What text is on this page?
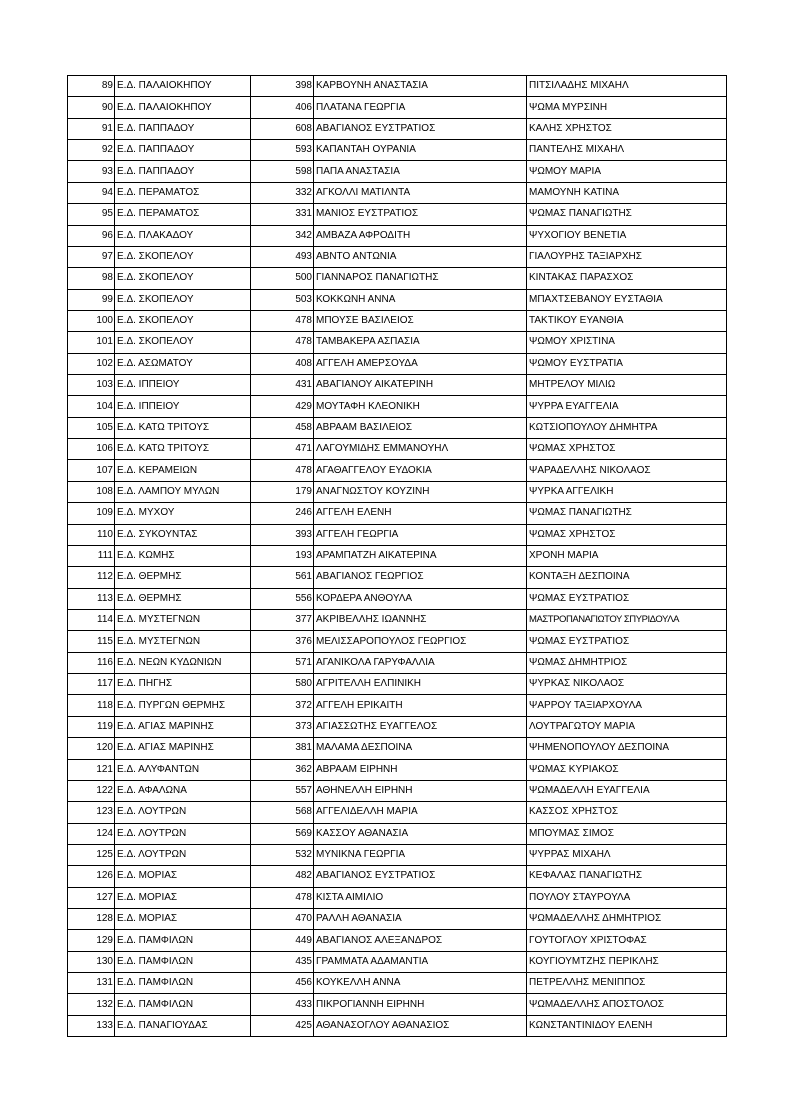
89	Ε.Δ. ΠΑΛΑΙΟΚΗΠΟΥ	398	ΚΑΡΒΟΥΝΗ ΑΝΑΣΤΑΣΙΑ	ΠΙΤΣΙΛΑΔΗΣ ΜΙΧΑΗΛ
90	Ε.Δ. ΠΑΛΑΙΟΚΗΠΟΥ	406	ΠΛΑΤΑΝΑ ΓΕΩΡΓΙΑ	ΨΩΜΑ ΜΥΡΣΙΝΗ
91	Ε.Δ. ΠΑΠΠΑΔΟΥ	608	ΑΒΑΓΙΑΝΟΣ ΕΥΣΤΡΑΤΙΟΣ	ΚΑΛΗΣ ΧΡΗΣΤΟΣ
92	Ε.Δ. ΠΑΠΠΑΔΟΥ	593	ΚΑΠΑΝΤΑΗ ΟΥΡΑΝΙΑ	ΠΑΝΤΕΛΗΣ ΜΙΧΑΗΛ
93	Ε.Δ. ΠΑΠΠΑΔΟΥ	598	ΠΑΠΑ ΑΝΑΣΤΑΣΙΑ	ΨΩΜΟΥ ΜΑΡΙΑ
94	Ε.Δ. ΠΕΡΑΜΑΤΟΣ	332	ΑΓΚΟΛΛΙ ΜΑΤΙΛΝΤΑ	ΜΑΜΟΥΝΗ ΚΑΤΙΝΑ
95	Ε.Δ. ΠΕΡΑΜΑΤΟΣ	331	ΜΑΝΙΟΣ ΕΥΣΤΡΑΤΙΟΣ	ΨΩΜΑΣ ΠΑΝΑΓΙΩΤΗΣ
96	Ε.Δ. ΠΛΑΚΑΔΟΥ	342	ΑΜΒΑΖΑ ΑΦΡΟΔΙΤΗ	ΨΥΧΟΓΙΟΥ ΒΕΝΕΤΙΑ
97	Ε.Δ. ΣΚΟΠΕΛΟΥ	493	ΑΒΝΤΟ ΑΝΤΩΝΙΑ	ΓΙΑΛΟΥΡΗΣ ΤΑΞΙΑΡΧΗΣ
98	Ε.Δ. ΣΚΟΠΕΛΟΥ	500	ΓΙΑΝΝΑΡΟΣ ΠΑΝΑΓΙΩΤΗΣ	ΚΙΝΤΑΚΑΣ ΠΑΡΑΣΧΟΣ
99	Ε.Δ. ΣΚΟΠΕΛΟΥ	503	ΚΟΚΚΩΝΗ ΑΝΝΑ	ΜΠΑΧΤΣΕΒΑΝΟΥ ΕΥΣΤΑΘΙΑ
100	Ε.Δ. ΣΚΟΠΕΛΟΥ	478	ΜΠΟΥΣΕ ΒΑΣΙΛΕΙΟΣ	ΤΑΚΤΙΚΟΥ ΕΥΑΝΘΙΑ
101	Ε.Δ. ΣΚΟΠΕΛΟΥ	478	ΤΑΜΒΑΚΕΡΑ ΑΣΠΑΣΙΑ	ΨΩΜΟΥ ΧΡΙΣΤΙΝΑ
102	Ε.Δ. ΑΣΩΜΑΤΟΥ	408	ΑΓΓΕΛΗ ΑΜΕΡΣΟΥΔΑ	ΨΩΜΟΥ ΕΥΣΤΡΑΤΙΑ
103	Ε.Δ. ΙΠΠΕΙΟΥ	431	ΑΒΑΓΙΑΝΟΥ ΑΙΚΑΤΕΡΙΝΗ	ΜΗΤΡΕΛΟΥ ΜΙΛΙΩ
104	Ε.Δ. ΙΠΠΕΙΟΥ	429	ΜΟΥΤΑΦΗ ΚΛΕΟΝΙΚΗ	ΨΥΡΡΑ ΕΥΑΓΓΕΛΙΑ
105	Ε.Δ. ΚΑΤΩ ΤΡΙΤΟΥΣ	458	ΑΒΡΑΑΜ ΒΑΣΙΛΕΙΟΣ	ΚΩΤΣΙΟΠΟΥΛΟΥ ΔΗΜΗΤΡΑ
106	Ε.Δ. ΚΑΤΩ ΤΡΙΤΟΥΣ	471	ΛΑΓΟΥΜΙΔΗΣ ΕΜΜΑΝΟΥΗΛ	ΨΩΜΑΣ ΧΡΗΣΤΟΣ
107	Ε.Δ. ΚΕΡΑΜΕΙΩΝ	478	ΑΓΑΘΑΓΓΕΛΟΥ ΕΥΔΟΚΙΑ	ΨΑΡΑΔΕΛΛΗΣ ΝΙΚΟΛΑΟΣ
108	Ε.Δ. ΛΑΜΠΟΥ ΜΥΛΩΝ	179	ΑΝΑΓΝΩΣΤΟΥ ΚΟΥΖΙΝΗ	ΨΥΡΚΑ ΑΓΓΕΛΙΚΗ
109	Ε.Δ. ΜΥΧΟΥ	246	ΑΓΓΕΛΗ ΕΛΕΝΗ	ΨΩΜΑΣ ΠΑΝΑΓΙΩΤΗΣ
110	Ε.Δ. ΣΥΚΟΥΝΤΑΣ	393	ΑΓΓΕΛΗ ΓΕΩΡΓΙΑ	ΨΩΜΑΣ ΧΡΗΣΤΟΣ
111	Ε.Δ. ΚΩΜΗΣ	193	ΑΡΑΜΠΑΤΖΗ ΑΙΚΑΤΕΡΙΝΑ	ΧΡΟΝΗ ΜΑΡΙΑ
112	Ε.Δ. ΘΕΡΜΗΣ	561	ΑΒΑΓΙΑΝΟΣ ΓΕΩΡΓΙΟΣ	ΚΟΝΤΑΞΗ ΔΕΣΠΟΙΝΑ
113	Ε.Δ. ΘΕΡΜΗΣ	556	ΚΟΡΔΕΡΑ ΑΝΘΟΥΛΑ	ΨΩΜΑΣ ΕΥΣΤΡΑΤΙΟΣ
114	Ε.Δ. ΜΥΣΤΕΓΝΩΝ	377	ΑΚΡΙΒΕΛΛΗΣ ΙΩΑΝΝΗΣ	ΜΑΣΤΡΟΠΑΝΑΓΙΩΤΟΥ ΣΠΥΡΙΔΟΥΛΑ
115	Ε.Δ. ΜΥΣΤΕΓΝΩΝ	376	ΜΕΛΙΣΣΑΡΟΠΟΥΛΟΣ ΓΕΩΡΓΙΟΣ	ΨΩΜΑΣ ΕΥΣΤΡΑΤΙΟΣ
116	Ε.Δ. ΝΕΩΝ ΚΥΔΩΝΙΩΝ	571	ΑΓΑΝΙΚΟΛΑ ΓΑΡΥΦΑΛΛΙΑ	ΨΩΜΑΣ ΔΗΜΗΤΡΙΟΣ
117	Ε.Δ. ΠΗΓΗΣ	580	ΑΓΡΙΤΕΛΛΗ ΕΛΠΙΝΙΚΗ	ΨΥΡΚΑΣ ΝΙΚΟΛΑΟΣ
118	Ε.Δ. ΠΥΡΓΩΝ ΘΕΡΜΗΣ	372	ΑΓΓΕΛΗ ΕΡΙΚΑΙΤΗ	ΨΑΡΡΟΥ ΤΑΞΙΑΡΧΟΥΛΑ
119	Ε.Δ. ΑΓΙΑΣ ΜΑΡΙΝΗΣ	373	ΑΓΙΑΣΣΩΤΗΣ ΕΥΑΓΓΕΛΟΣ	ΛΟΥΤΡΑΓΩΤΟΥ ΜΑΡΙΑ
120	Ε.Δ. ΑΓΙΑΣ ΜΑΡΙΝΗΣ	381	ΜΑΛΑΜΑ ΔΕΣΠΟΙΝΑ	ΨΗΜΕΝΟΠΟΥΛΟΥ ΔΕΣΠΟΙΝΑ
121	Ε.Δ. ΑΛΥΦΑΝΤΩΝ	362	ΑΒΡΑΑΜ ΕΙΡΗΝΗ	ΨΩΜΑΣ ΚΥΡΙΑΚΟΣ
122	Ε.Δ. ΑΦΑΛΩΝΑ	557	ΑΘΗΝΕΛΛΗ ΕΙΡΗΝΗ	ΨΩΜΑΔΕΛΛΗ ΕΥΑΓΓΕΛΙΑ
123	Ε.Δ. ΛΟΥΤΡΩΝ	568	ΑΓΓΕΛΙΔΕΛΛΗ ΜΑΡΙΑ	ΚΑΣΣΟΣ ΧΡΗΣΤΟΣ
124	Ε.Δ. ΛΟΥΤΡΩΝ	569	ΚΑΣΣΟΥ ΑΘΑΝΑΣΙΑ	ΜΠΟΥΜΑΣ ΣΙΜΟΣ
125	Ε.Δ. ΛΟΥΤΡΩΝ	532	ΜΥΝΙΚΝΑ ΓΕΩΡΓΙΑ	ΨΥΡΡΑΣ ΜΙΧΑΗΛ
126	Ε.Δ. ΜΟΡΙΑΣ	482	ΑΒΑΓΙΑΝΟΣ ΕΥΣΤΡΑΤΙΟΣ	ΚΕΦΑΛΑΣ ΠΑΝΑΓΙΩΤΗΣ
127	Ε.Δ. ΜΟΡΙΑΣ	478	ΚΙΣΤΑ ΑΙΜΙΛΙΟ	ΠΟΥΛΟΥ ΣΤΑΥΡΟΥΛΑ
128	Ε.Δ. ΜΟΡΙΑΣ	470	ΡΑΛΛΗ ΑΘΑΝΑΣΙΑ	ΨΩΜΑΔΕΛΛΗΣ ΔΗΜΗΤΡΙΟΣ
129	Ε.Δ. ΠΑΜΦΙΛΩΝ	449	ΑΒΑΓΙΑΝΟΣ ΑΛΕΞΑΝΔΡΟΣ	ΓΟΥΤΟΓΛΟΥ ΧΡΙΣΤΟΦΑΣ
130	Ε.Δ. ΠΑΜΦΙΛΩΝ	435	ΓΡΑΜΜΑΤΑ ΑΔΑΜΑΝΤΙΑ	ΚΟΥΓΙΟΥΜΤΖΗΣ ΠΕΡΙΚΛΗΣ
131	Ε.Δ. ΠΑΜΦΙΛΩΝ	456	ΚΟΥΚΕΛΛΗ ΑΝΝΑ	ΠΕΤΡΕΛΛΗΣ ΜΕΝΙΠΠΟΣ
132	Ε.Δ. ΠΑΜΦΙΛΩΝ	433	ΠΙΚΡΟΓΙΑΝΝΗ ΕΙΡΗΝΗ	ΨΩΜΑΔΕΛΛΗΣ ΑΠΟΣΤΟΛΟΣ
133	Ε.Δ. ΠΑΝΑΓΙΟΥΔΑΣ	425	ΑΘΑΝΑΣΟΓΛΟΥ ΑΘΑΝΑΣΙΟΣ	ΚΩΝΣΤΑΝΤΙΝΙΔΟΥ ΕΛΕΝΗ
